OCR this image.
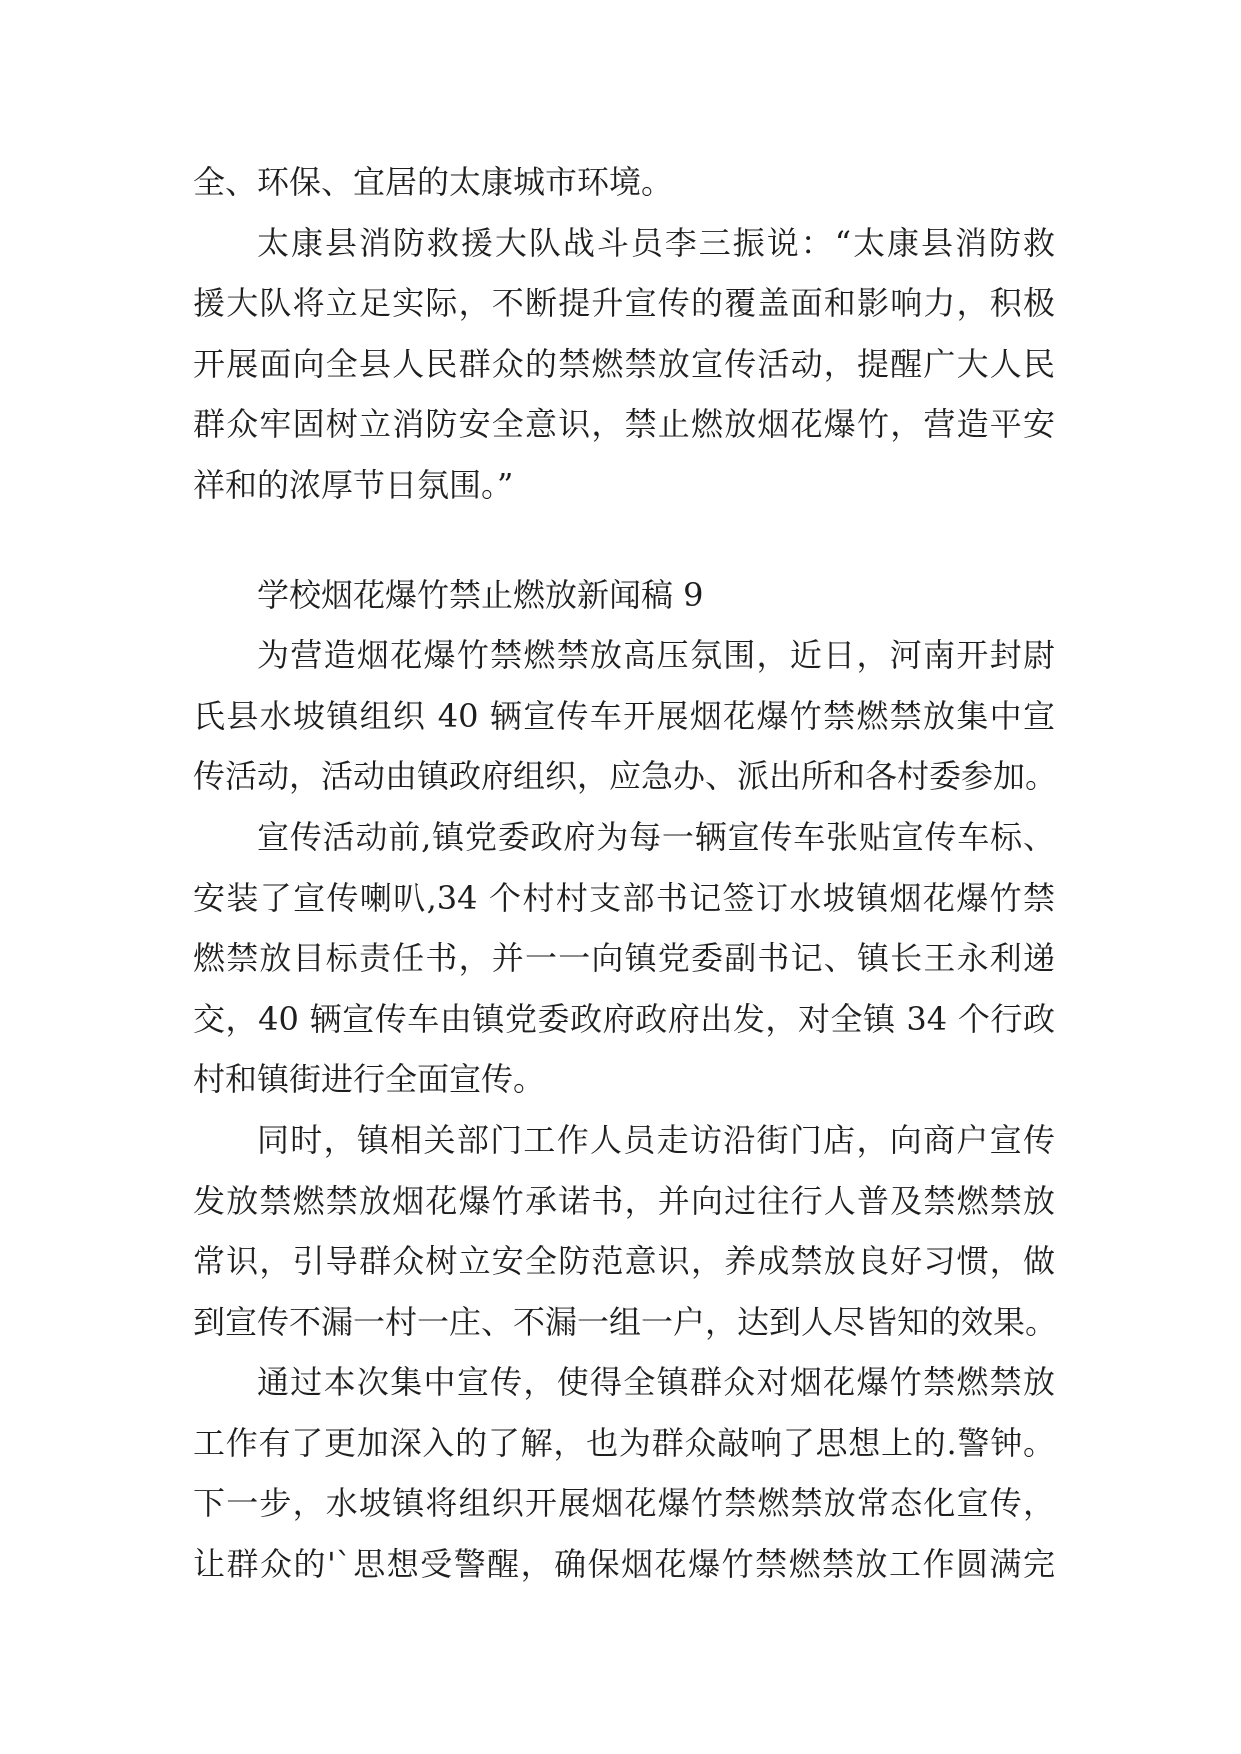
全、环保、宜居的太康城市环境。
太康县消防救援大队战斗员李三振说：“太康县消防救
援大队将立足实际，不断提升宣传的覆盖面和影响力，积极
开展面向全县人民群众的禁燃禁放宣传活动，提醒广大人民
群众牢固树立消防安全意识，禁止燃放烟花爆竹，营造平安
祥和的浓厚节日氛围。”
学校烟花爆竹禁止燃放新闻稿 9
为营造烟花爆竹禁燃禁放高压氛围，近日，河南开封尉
氏县水坡镇组织 40 辆宣传车开展烟花爆竹禁燃禁放集中宣
传活动，活动由镇政府组织，应急办、派出所和各村委参加。
宣传活动前,镇党委政府为每一辆宣传车张贴宣传车标、
安装了宣传喇叭,34 个村村支部书记签订水坡镇烟花爆竹禁
燃禁放目标责任书，并一一向镇党委副书记、镇长王永利递
交，40 辆宣传车由镇党委政府政府出发，对全镇 34 个行政
村和镇街进行全面宣传。
同时，镇相关部门工作人员走访沿街门店，向商户宣传
发放禁燃禁放烟花爆竹承诺书，并向过往行人普及禁燃禁放
常识，引导群众树立安全防范意识，养成禁放良好习惯，做
到宣传不漏一村一庄、不漏一组一户，达到人尽皆知的效果。
通过本次集中宣传，使得全镇群众对烟花爆竹禁燃禁放
工作有了更加深入的了解，也为群众敲响了思想上的.警钟。
下一步，水坡镇将组织开展烟花爆竹禁燃禁放常态化宣传，
让群众的'`思想受警醒，确保烟花爆竹禁燃禁放工作圆满完
